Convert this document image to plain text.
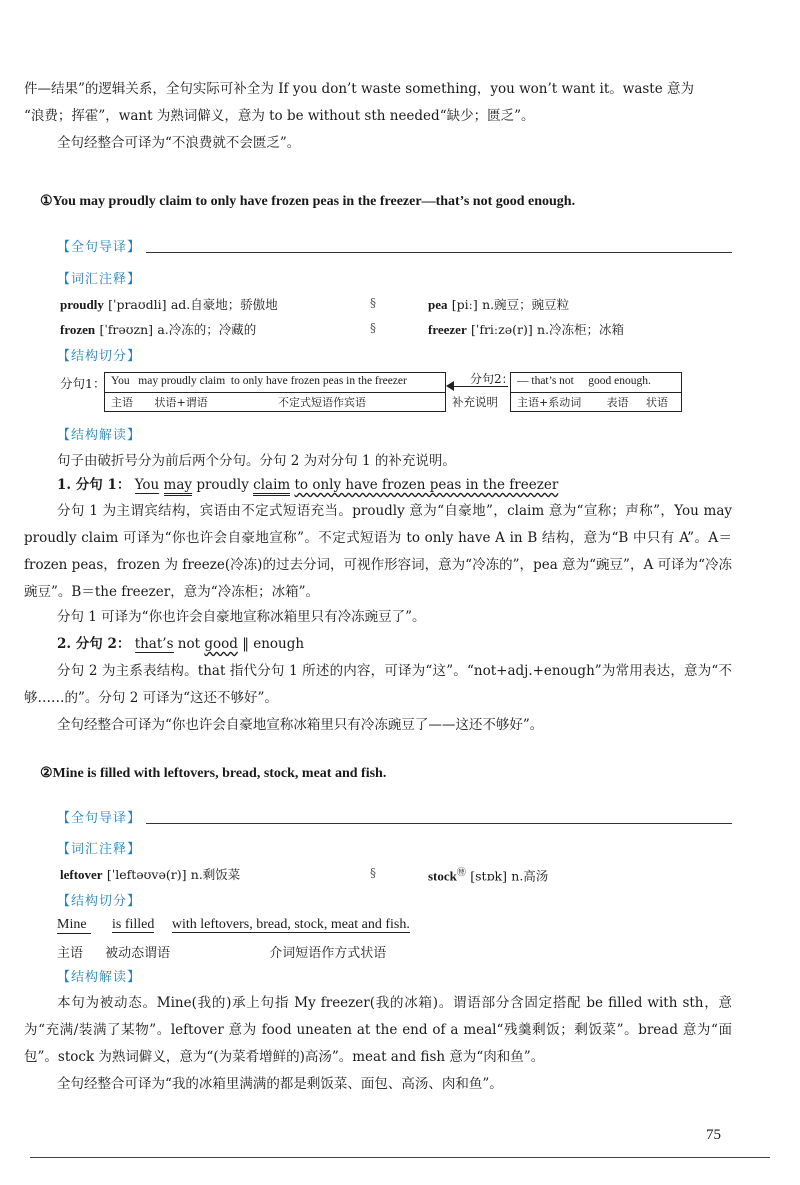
件—结果”的逻辑关系，全句实际可补全为 If you don’t waste something，you won’t want it。waste 意为
“浪费；挥霍”，want 为熟词僻义，意为 to be without sth needed“缺少；匮乏”。
全句经整合可译为“不浪费就不会匮乏”。
①You may proudly claim to only have frozen peas in the freezer—that’s not good enough.
【全句导译】
【词汇注释】
proudly [ˈpraʊdli] ad.自豪地；骄傲地	§	pea [piː] n.豌豆；豌豆粒
frozen [ˈfrəʊzn] a.冷冻的；冷藏的	§	freezer [ˈfriːzə(r)] n.冷冻柜；冰箱
【结构切分】
分句1： You may proudly claim to only have frozen peas in the freezer
主语 状语+谓语	不定式短语作宾语
分句2：
补充说明
— that’s not good enough.
主语+系动词 表语 状语
【结构解读】
句子由破折号分为前后两个分句。分句 2 为对分句 1 的补充说明。
1. 分句 1： You may proudly claim to only have frozen peas in the freezer
分句 1 为主谓宾结构，宾语由不定式短语充当。proudly 意为“自豪地”，claim 意为“宣称；声称”，You may proudly claim 可译为“你也许会自豪地宣称”。不定式短语为 to only have A in B 结构，意为“B 中只有 A”。A＝frozen peas，frozen 为 freeze(冷冻)的过去分词，可视作形容词，意为“冷冻的”，pea 意为“豌豆”，A 可译为“冷冻豌豆”。B＝the freezer，意为“冷冻柜；冰箱”。
分句 1 可译为“你也许会自豪地宣称冰箱里只有冷冻豌豆了”。
2. 分句 2： that’s not good ‖ enough
分句 2 为主系表结构。that 指代分句 1 所述的内容，可译为“这”。“not+adj.+enough”为常用表达，意为“不够……的”。分句 2 可译为“这还不够好”。
全句经整合可译为“你也许会自豪地宣称冰箱里只有冷冻豌豆了——这还不够好”。
②Mine is filled with leftovers, bread, stock, meat and fish.
【全句导译】
【词汇注释】
leftover [ˈleftəʊvə(r)] n.剩饭菜	§	stock㊕ [stɒk] n.高汤
【结构切分】
Mine is filled with leftovers, bread, stock, meat and fish.
主语 被动态谓语	介词短语作方式状语
【结构解读】
本句为被动态。Mine(我的)承上句指 My freezer(我的冰箱)。谓语部分含固定搭配 be filled with sth，意为“充满/装满了某物”。leftover 意为 food uneaten at the end of a meal“残羹剩饭；剩饭菜”。bread 意为“面包”。stock 为熟词僻义，意为“(为菜肴增鲜的)高汤”。meat and fish 意为“肉和鱼”。
全句经整合可译为“我的冰箱里满满的都是剩饭菜、面包、高汤、肉和鱼”。
75
